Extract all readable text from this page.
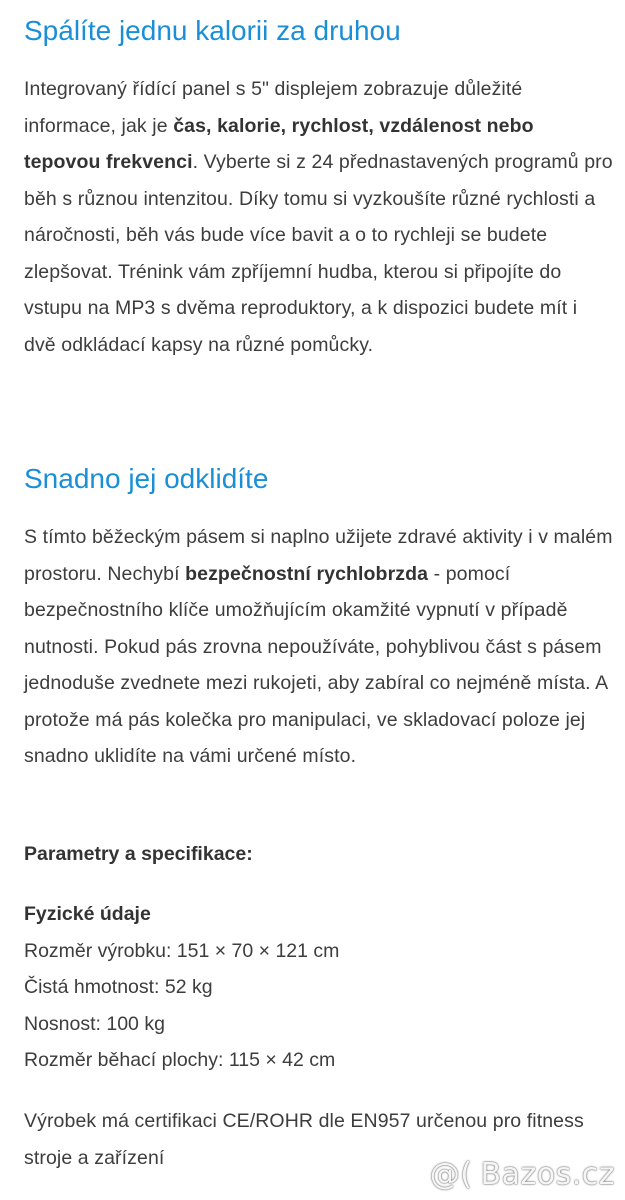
Spálíte jednu kalorii za druhou

Integrovaný řídící panel s 5" displejem zobrazuje důležité informace, jak je čas, kalorie, rychlost, vzdálenost nebo tepovou frekvenci. Vyberte si z 24 přednastavených programů pro běh s různou intenzitou. Díky tomu si vyzkoušíte různé rychlosti a náročnosti, běh vás bude více bavit a o to rychleji se budete zlepšovat. Trénink vám zpříjemní hudba, kterou si připojíte do vstupu na MP3 s dvěma reproduktory, a k dispozici budete mít i dvě odkládací kapsy na různé pomůcky.

Snadno jej odklidíte

S tímto běžeckým pásem si naplno užijete zdravé aktivity i v malém prostoru. Nechybí bezpečnostní rychlobrzda - pomocí bezpečnostního klíče umožňujícím okamžité vypnutí v případě nutnosti. Pokud pás zrovna nepoužíváte, pohyblivou část s pásem jednoduše zvednete mezi rukojeti, aby zabíral co nejméně místa. A protože má pás kolečka pro manipulaci, ve skladovací poloze jej snadno uklidíte na vámi určené místo.

Parametry a specifikace:
Fyzické údaje
Rozměr výrobku: 151 × 70 × 121 cm
Čistá hmotnost: 52 kg
Nosnost: 100 kg
Rozměr běhací plochy: 115 × 42 cm

Výrobek má certifikaci CE/ROHR dle EN957 určenou pro fitness stroje a zařízení	@( Bazos.cz
